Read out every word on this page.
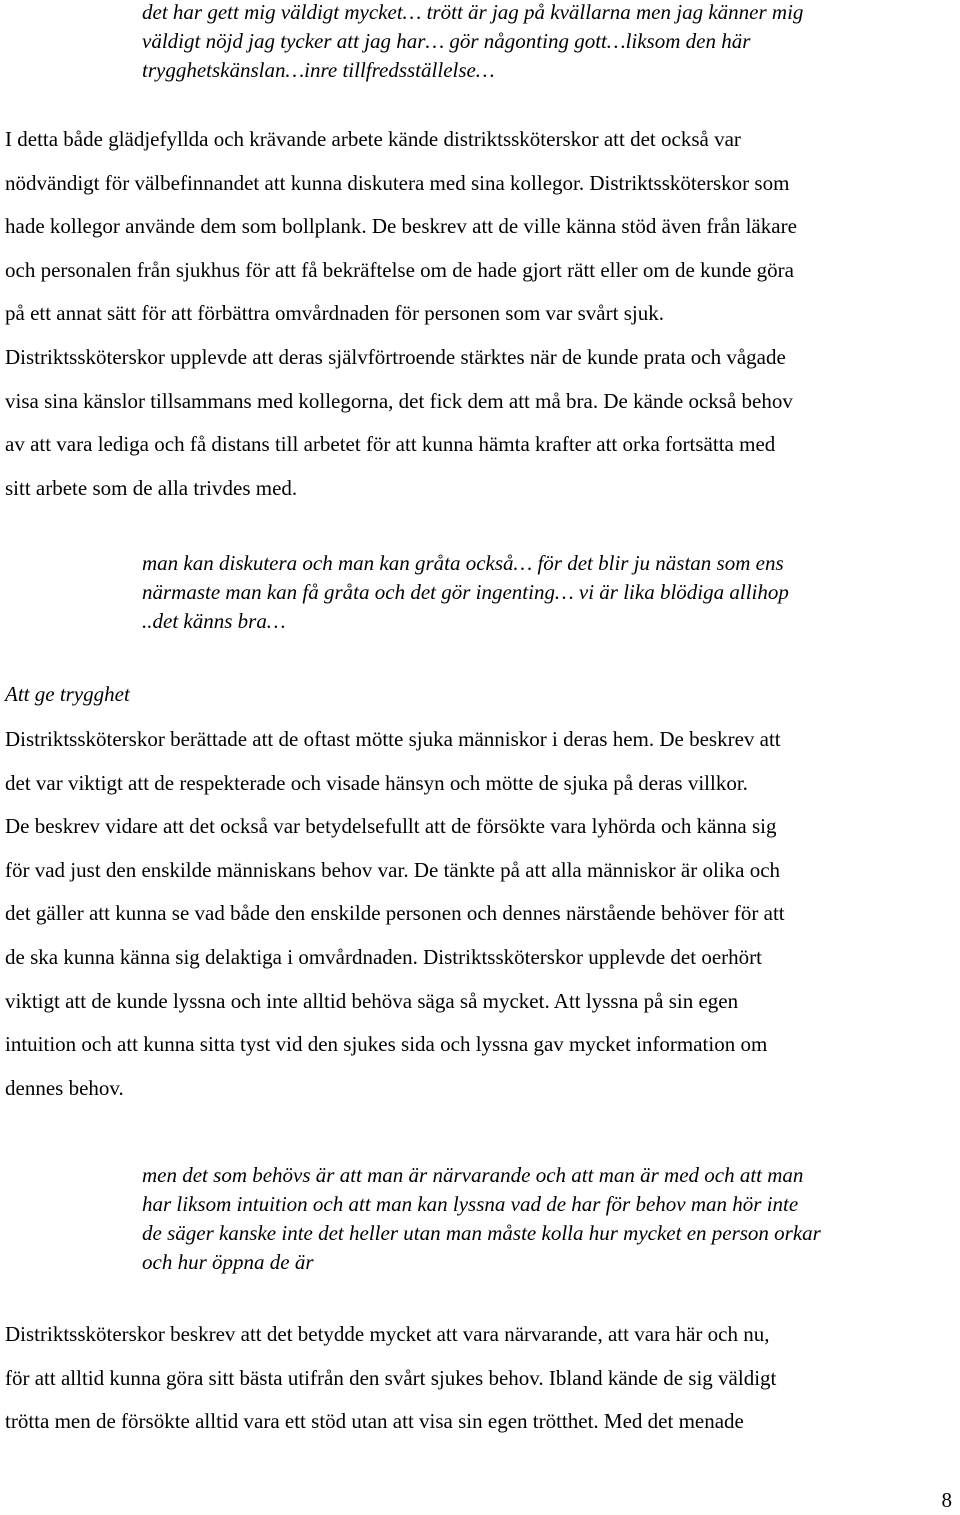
det har gett mig väldigt mycket… trött är jag på kvällarna men jag känner mig
väldigt nöjd jag tycker att jag har… gör någonting gott…liksom den här
trygghetskänslan…inre tillfredsställelse…
I detta både glädjefyllda och krävande arbete kände distriktssköterskor att det också var
nödvändigt för välbefinnandet att kunna diskutera med sina kollegor. Distriktssköterskor som
hade kollegor använde dem som bollplank. De beskrev att de ville känna stöd även från läkare
och personalen från sjukhus för att få bekräftelse om de hade gjort rätt eller om de kunde göra
på ett annat sätt för att förbättra omvårdnaden för personen som var svårt sjuk.
Distriktssköterskor upplevde att deras självförtroende stärktes när de kunde prata och vågade
visa sina känslor tillsammans med kollegorna, det fick dem att må bra. De kände också behov
av att vara lediga och få distans till arbetet för att kunna hämta krafter att orka fortsätta med
sitt arbete som de alla trivdes med.
man kan diskutera och man kan gråta också… för det blir ju nästan som ens
närmaste man kan få gråta och det gör ingenting… vi är lika blödiga allihop
..det känns bra…
Att ge trygghet
Distriktssköterskor berättade att de oftast mötte sjuka människor i deras hem. De beskrev att
det var viktigt att de respekterade och visade hänsyn och mötte de sjuka på deras villkor.
De beskrev vidare att det också var betydelsefullt att de försökte vara lyhörda och känna sig
för vad just den enskilde människans behov var. De tänkte på att alla människor är olika och
det gäller att kunna se vad både den enskilde personen och dennes närstående behöver för att
de ska kunna känna sig delaktiga i omvårdnaden. Distriktssköterskor upplevde det oerhört
viktigt att de kunde lyssna och inte alltid behöva säga så mycket. Att lyssna på sin egen
intuition och att kunna sitta tyst vid den sjukes sida och lyssna gav mycket information om
dennes behov.
men det som behövs är att man är närvarande och att man är med och att man
har liksom intuition och att man kan lyssna vad de har för behov man hör inte
de säger kanske inte det heller utan man måste kolla hur mycket en person orkar
och hur öppna de är
Distriktssköterskor beskrev att det betydde mycket att vara närvarande, att vara här och nu,
för att alltid kunna göra sitt bästa utifrån den svårt sjukes behov. Ibland kände de sig väldigt
trötta men de försökte alltid vara ett stöd utan att visa sin egen trötthet. Med det menade
8
